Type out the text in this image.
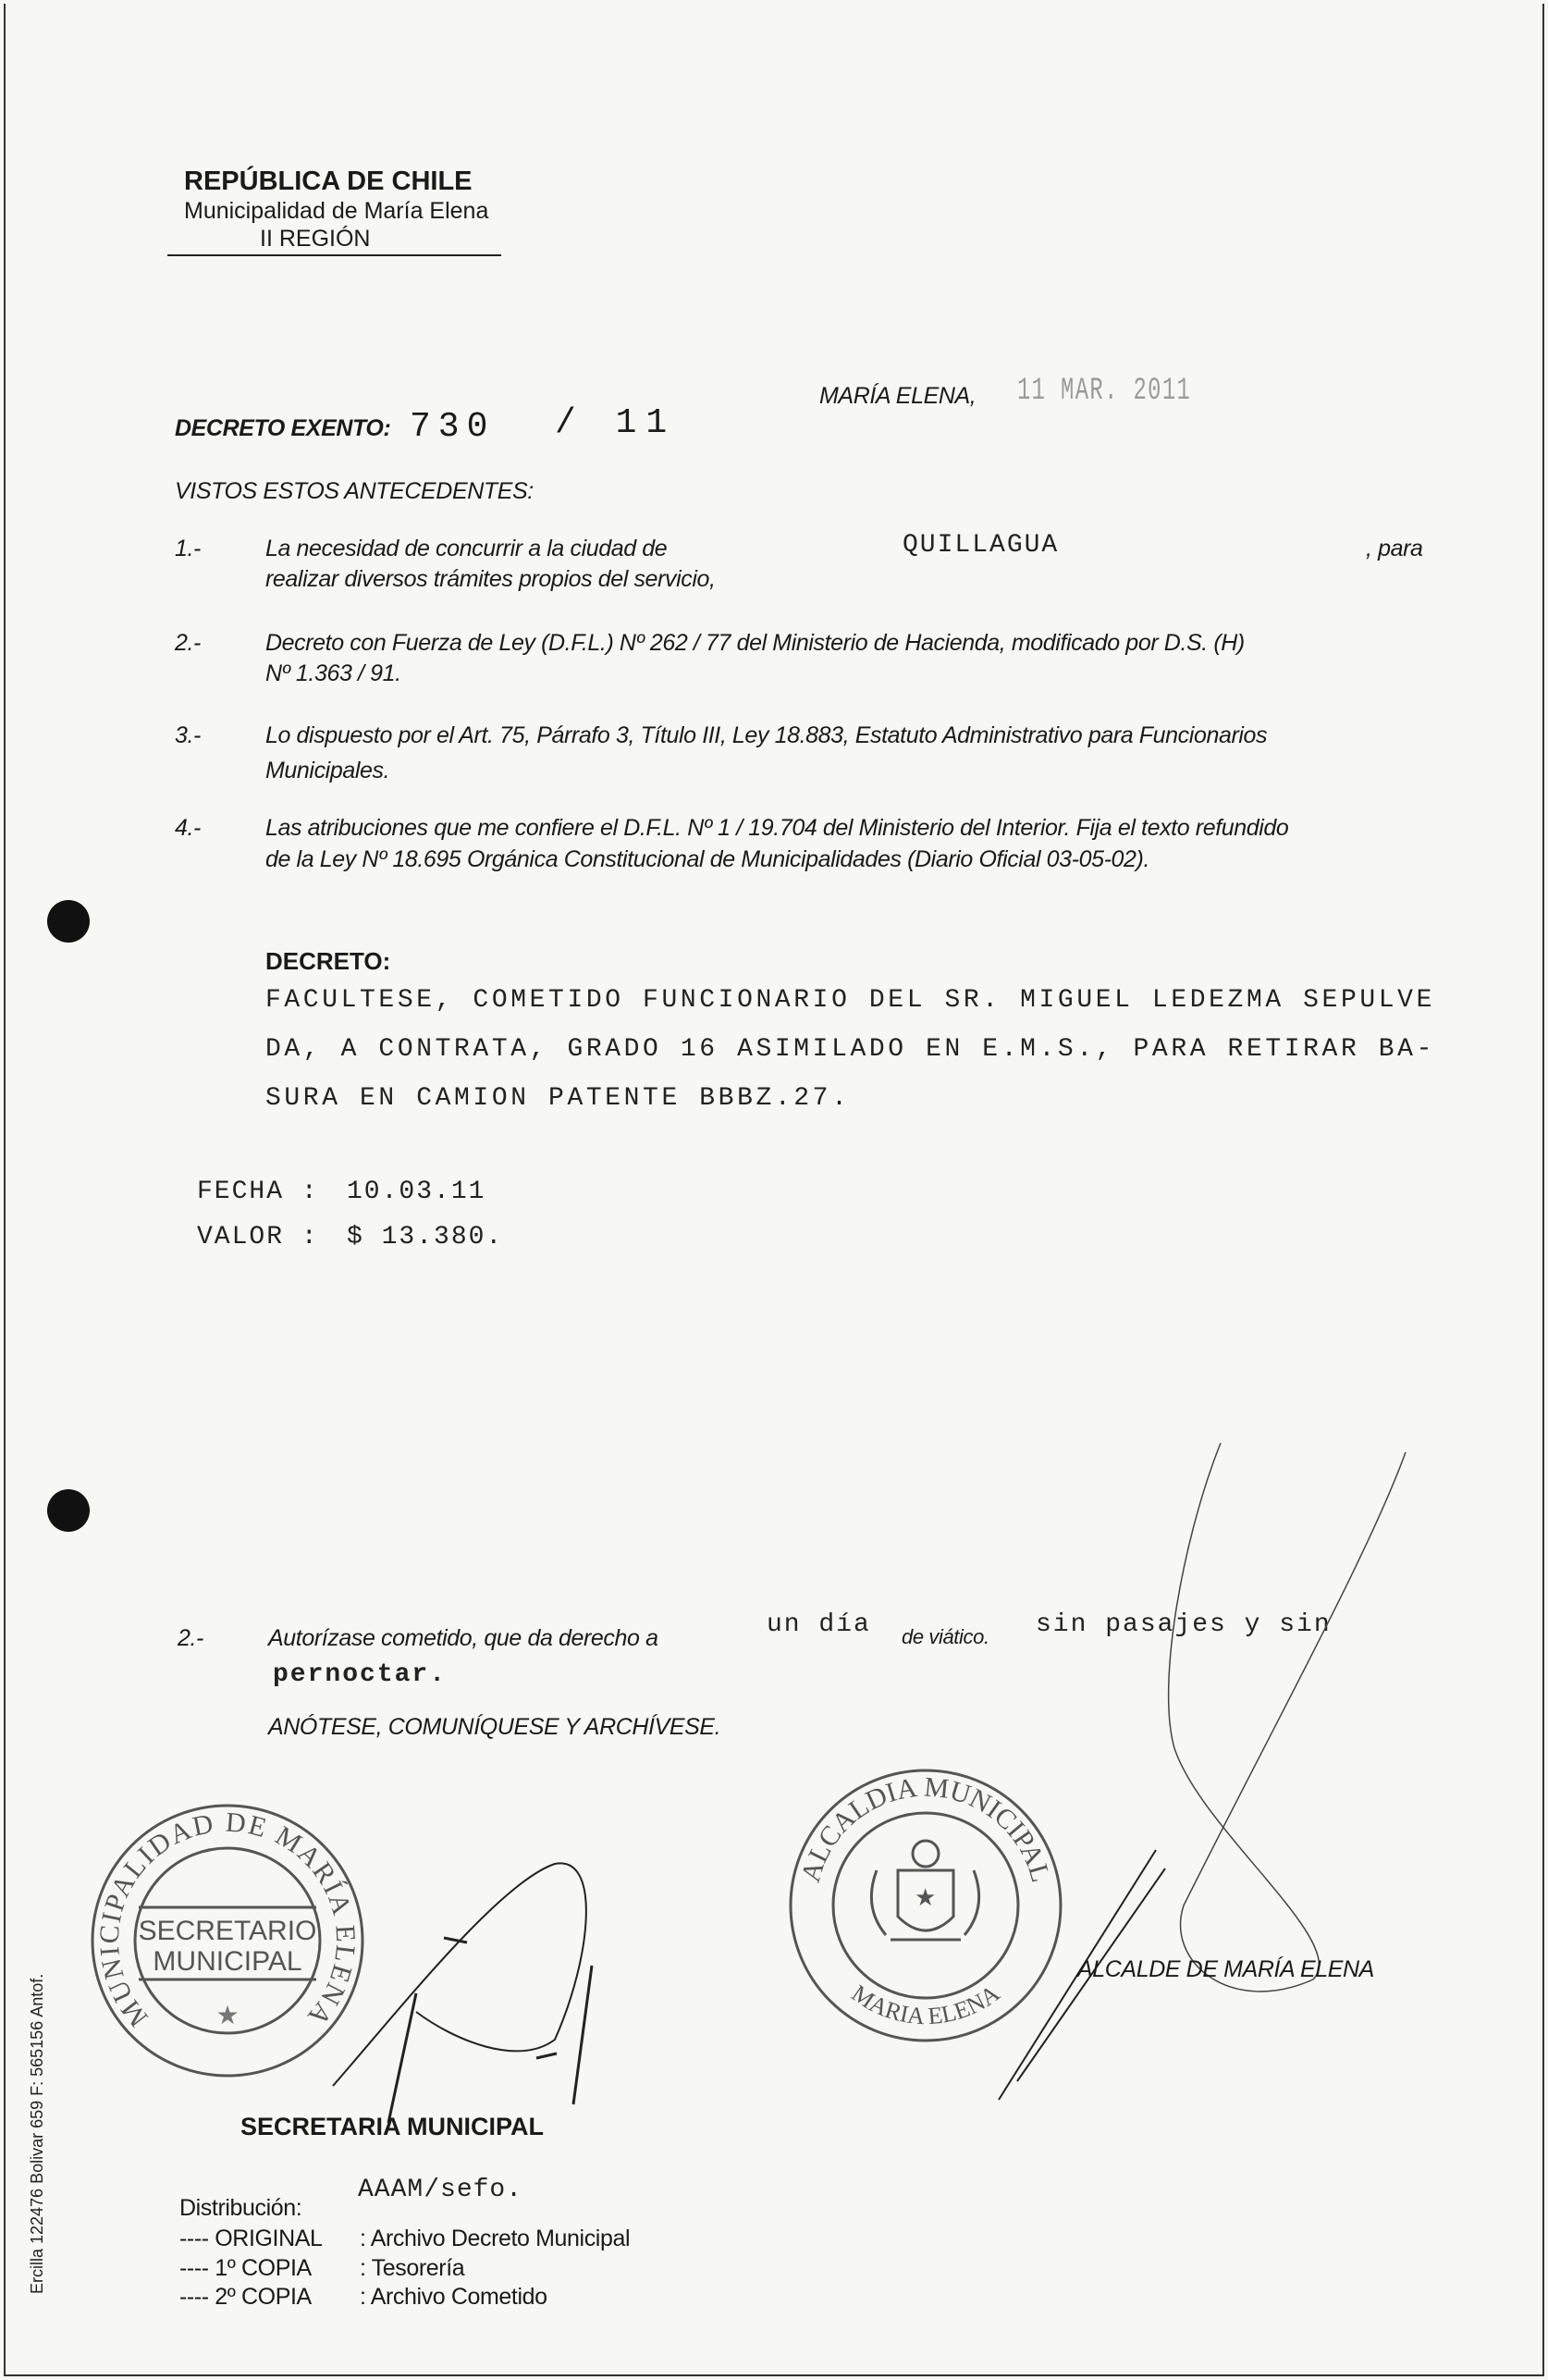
REPÚBLICA DE CHILE
Municipalidad de María Elena
II REGIÓN
DECRETO EXENTO: 730 / 11
MARÍA ELENA, 11 MAR. 2011
VISTOS ESTOS ANTECEDENTES:
1.-	La necesidad de concurrir a la ciudad de	QUILLAGUA	, para
realizar diversos trámites propios del servicio,
2.-	Decreto con Fuerza de Ley (D.F.L.) Nº 262 / 77 del Ministerio de Hacienda, modificado por D.S. (H)
Nº 1.363 / 91.
3.-	Lo dispuesto por el Art. 75, Párrafo 3, Título III, Ley 18.883, Estatuto Administrativo para Funcionarios
Municipales.
4.-	Las atribuciones que me confiere el D.F.L. Nº 1 / 19.704 del Ministerio del Interior. Fija el texto refundido
de la Ley Nº 18.695 Orgánica Constitucional de Municipalidades (Diario Oficial 03-05-02).
DECRETO:
FACULTESE, COMETIDO FUNCIONARIO DEL SR. MIGUEL LEDEZMA SEPULVE
DA, A CONTRATA, GRADO 16 ASIMILADO EN E.M.S., PARA RETIRAR BA-
SURA EN CAMION PATENTE BBBZ.27.
FECHA : 10.03.11
VALOR : $ 13.380.
2.-	Autorízase cometido, que da derecho a	un día de viático. sin pasajes y sin
pernoctar.
ANÓTESE, COMUNÍQUESE Y ARCHÍVESE.
MUNICIPALIDAD DE MARÍA ELENA
SECRETARIO
MUNICIPAL
★
SECRETARIA MUNICIPAL
ALCALDIA MUNICIPAL
MARIA ELENA
★
ALCALDE DE MARÍA ELENA
Distribución:
AAAM/sefo.
---- ORIGINAL : Archivo Decreto Municipal
---- 1º COPIA : Tesorería
---- 2º COPIA : Archivo Cometido
Ercilla 122476 Bolivar 659 F: 565156 Antof.
